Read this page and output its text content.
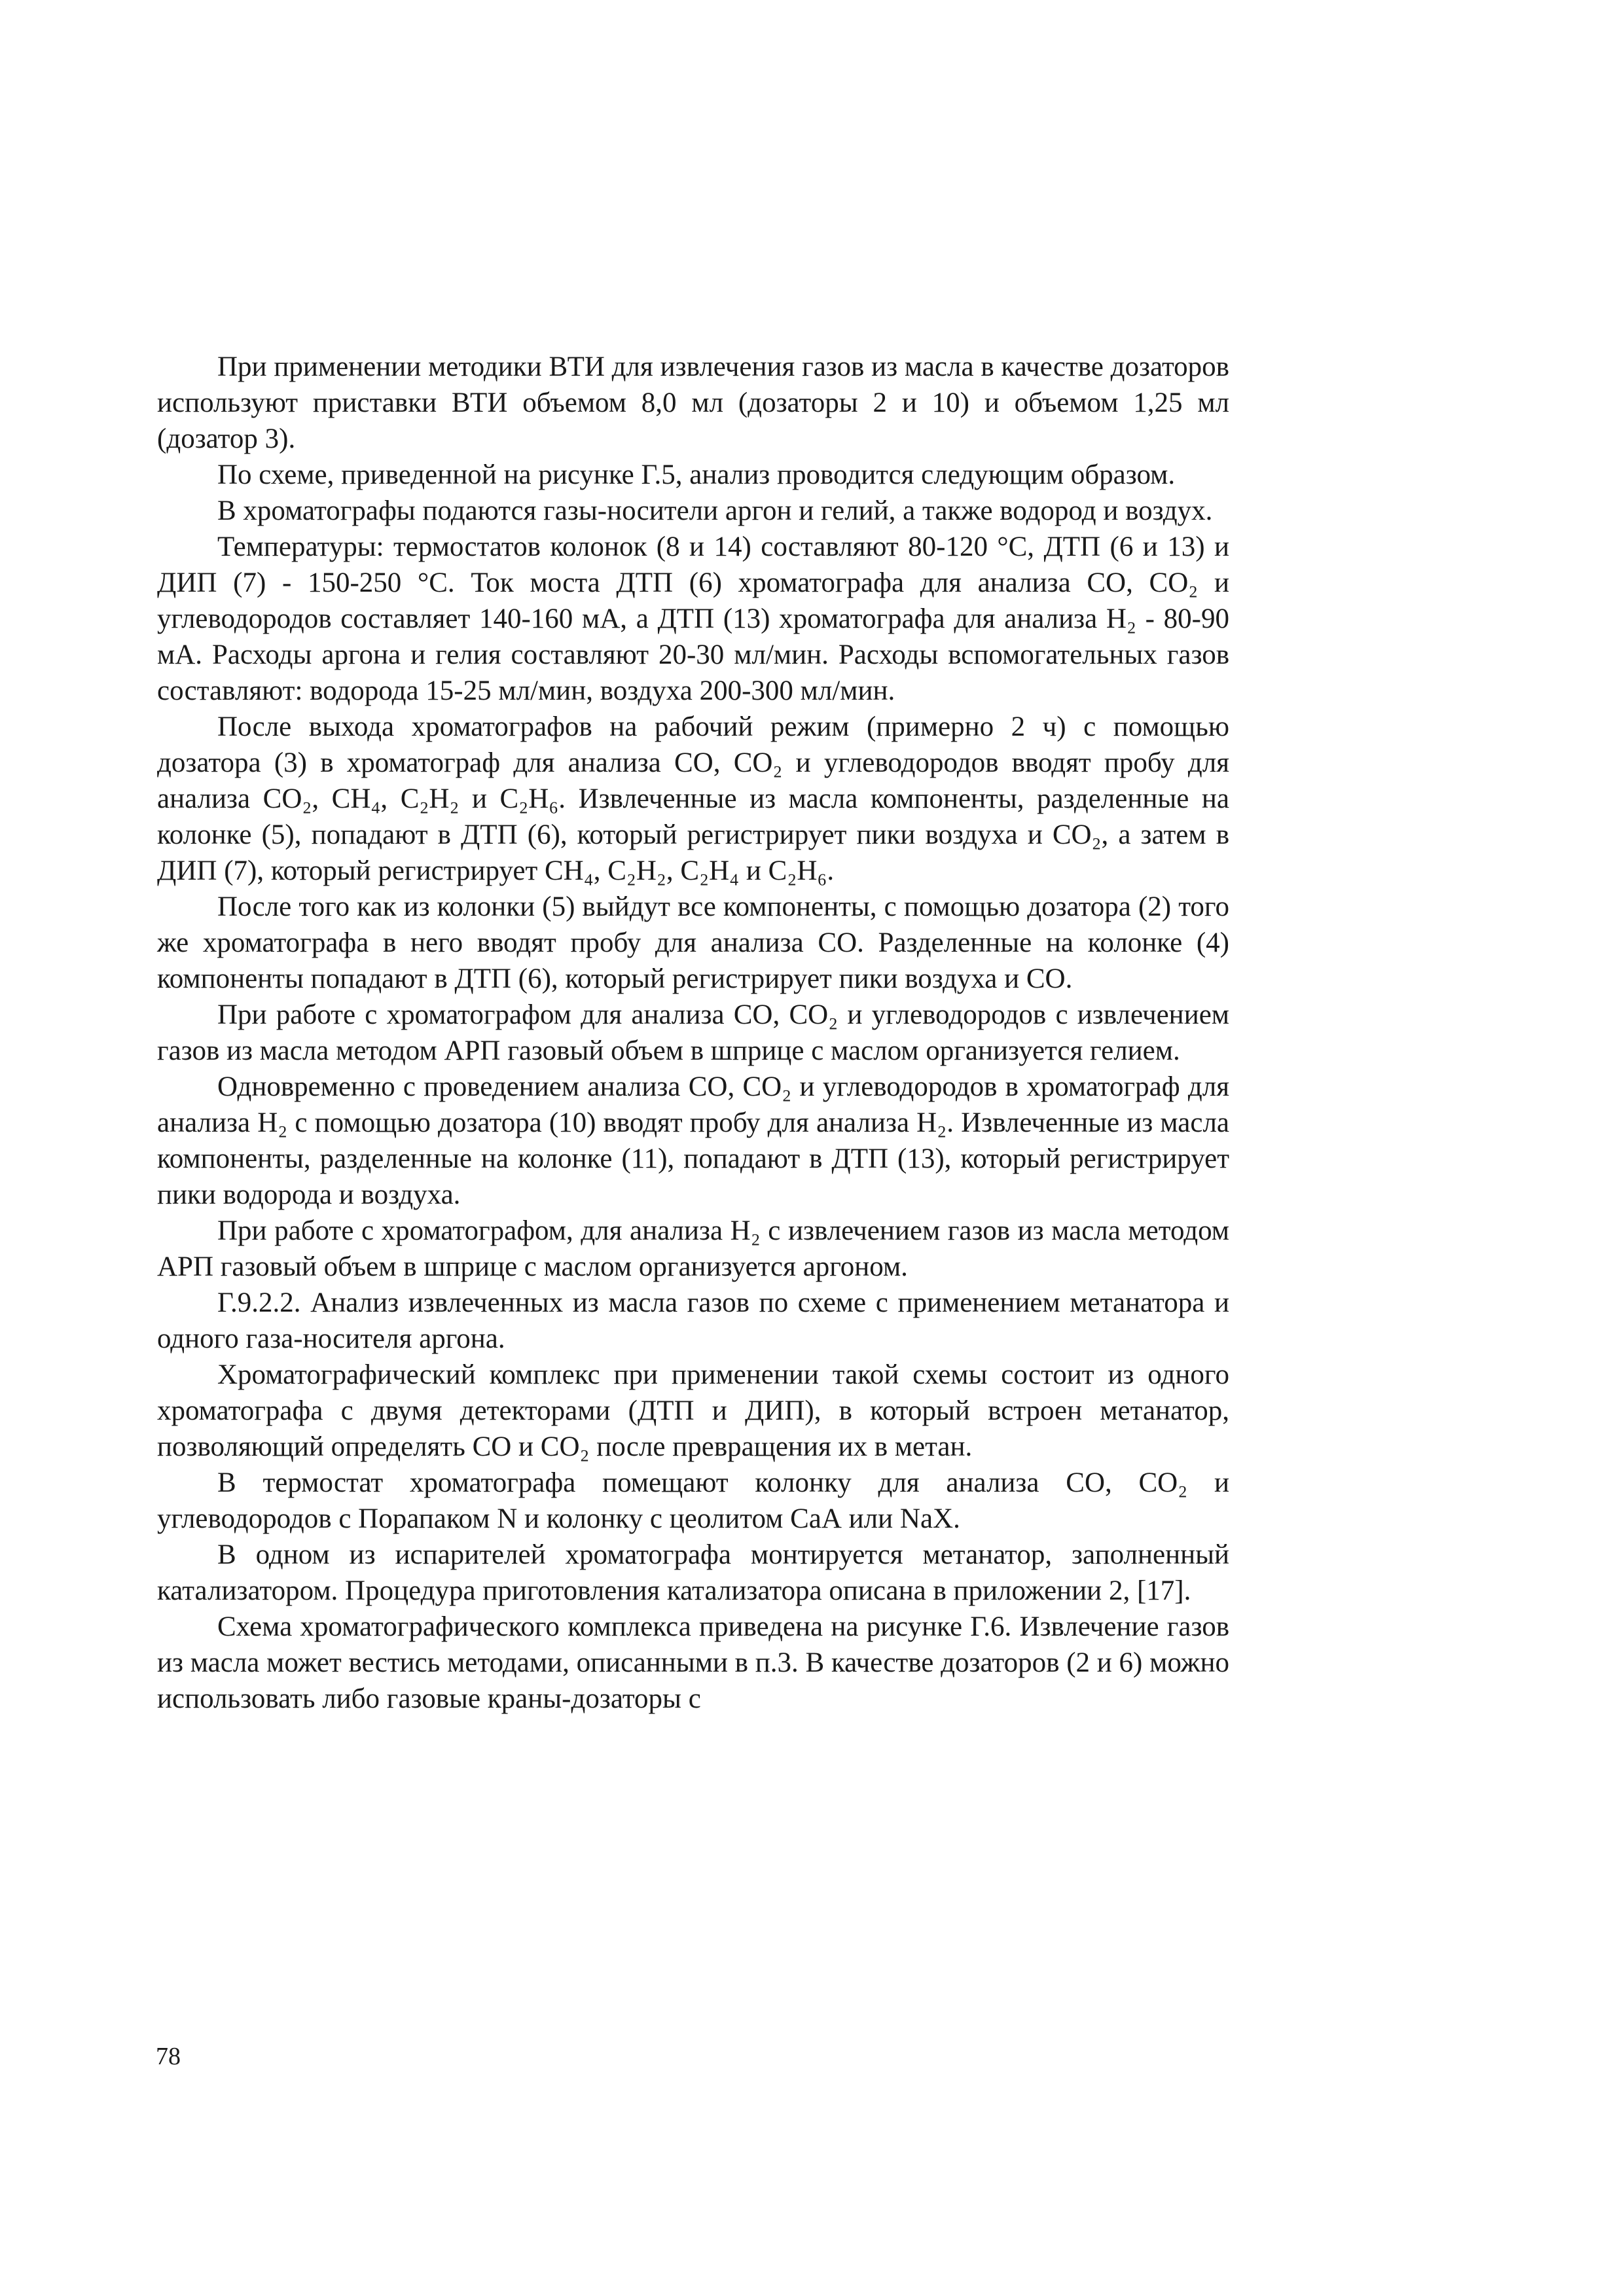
При применении методики ВТИ для извлечения газов из масла в качестве дозаторов используют приставки ВТИ объемом 8,0 мл (дозаторы 2 и 10) и объемом 1,25 мл (дозатор 3).

По схеме, приведенной на рисунке Г.5, анализ проводится следующим образом.

В хроматографы подаются газы-носители аргон и гелий, а также водород и воздух.

Температуры: термостатов колонок (8 и 14) составляют 80-120 °С, ДТП (6 и 13) и ДИП (7) - 150-250 °С. Ток моста ДТП (6) хроматографа для анализа СО, СО₂ и углеводородов составляет 140-160 мА, а ДТП (13) хроматографа для анализа Н₂ - 80-90 мА. Расходы аргона и гелия составляют 20-30 мл/мин. Расходы вспомогательных газов составляют: водорода 15-25 мл/мин, воздуха 200-300 мл/мин.

После выхода хроматографов на рабочий режим (примерно 2 ч) с помощью дозатора (3) в хроматограф для анализа СО, СО₂ и углеводородов вводят пробу для анализа СО₂, СН₄, С₂Н₂ и С₂Н₆. Извлеченные из масла компоненты, разделенные на колонке (5), попадают в ДТП (6), который регистрирует пики воздуха и СО₂, а затем в ДИП (7), который регистрирует СН₄, С₂Н₂, С₂Н₄ и С₂Н₆.

После того как из колонки (5) выйдут все компоненты, с помощью дозатора (2) того же хроматографа в него вводят пробу для анализа СО. Разделенные на колонке (4) компоненты попадают в ДТП (6), который регистрирует пики воздуха и СО.

При работе с хроматографом для анализа СО, СО₂ и углеводородов с извлечением газов из масла методом АРП газовый объем в шприце с маслом организуется гелием.

Одновременно с проведением анализа СО, СО₂ и углеводородов в хроматограф для анализа Н₂ с помощью дозатора (10) вводят пробу для анализа Н₂. Извлеченные из масла компоненты, разделенные на колонке (11), попадают в ДТП (13), который регистрирует пики водорода и воздуха.

При работе с хроматографом, для анализа Н₂ с извлечением газов из масла методом АРП газовый объем в шприце с маслом организуется аргоном.

Г.9.2.2. Анализ извлеченных из масла газов по схеме с применением метанатора и одного газа-носителя аргона.

Хроматографический комплекс при применении такой схемы состоит из одного хроматографа с двумя детекторами (ДТП и ДИП), в который встроен метанатор, позволяющий определять СО и СО₂ после превращения их в метан.

В термостат хроматографа помещают колонку для анализа СО, СО₂ и углеводородов с Порапаком N и колонку с цеолитом СаА или NaX.

В одном из испарителей хроматографа монтируется метанатор, заполненный катализатором. Процедура приготовления катализатора описана в приложении 2, [17].

Схема хроматографического комплекса приведена на рисунке Г.6. Извлечение газов из масла может вестись методами, описанными в п.3. В качестве дозаторов (2 и 6) можно использовать либо газовые краны-дозаторы с

78
